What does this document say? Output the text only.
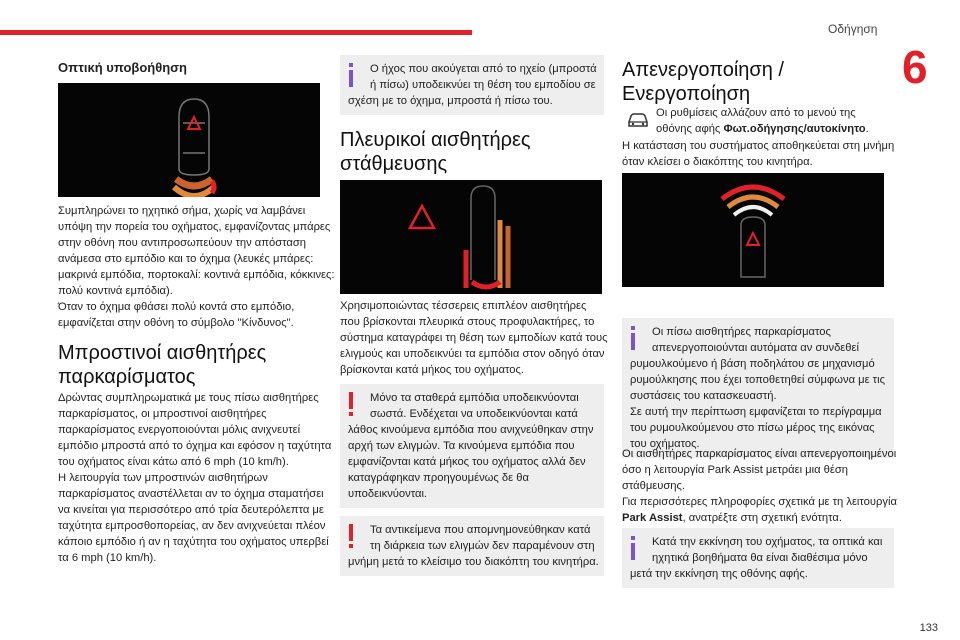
Οδήγηση
6
133
Οπτική υποβοήθηση

Συμπληρώνει το ηχητικό σήμα, χωρίς να λαμβάνει

υπόψη την πορεία του οχήματος, εμφανίζοντας μπάρες

στην οθόνη που αντιπροσωπεύουν την απόσταση

ανάμεσα στο εμπόδιο και το όχημα (λευκές μπάρες:

μακρινά εμπόδια, πορτοκαλί: κοντινά εμπόδια, κόκκινες:

πολύ κοντινά εμπόδια).

Όταν το όχημα φθάσει πολύ κοντά στο εμπόδιο,

εμφανίζεται στην οθόνη το σύμβολο "Κίνδυνος".

Μπροστινοί αισθητήρες
παρκαρίσματος

Δρώντας συμπληρωματικά με τους πίσω αισθητήρες

παρκαρίσματος, οι μπροστινοί αισθητήρες

παρκαρίσματος ενεργοποιούνται μόλις ανιχνευτεί

εμπόδιο μπροστά από το όχημα και εφόσον η ταχύτητα

του οχήματος είναι κάτω από 6 mph (10 km/h).

Η λειτουργία των μπροστινών αισθητήρων

παρκαρίσματος αναστέλλεται αν το όχημα σταματήσει

να κινείται για περισσότερο από τρία δευτερόλεπτα με

ταχύτητα εμπροσθοπορείας, αν δεν ανιχνεύεται πλέον

κάποιο εμπόδιο ή αν η ταχύτητα του οχήματος υπερβεί

τα 6 mph (10 km/h).

Ο ήχος που ακούγεται από το ηχείο (μπροστά

ή πίσω) υποδεικνύει τη θέση του εμποδίου σε

σχέση με το όχημα, μπροστά ή πίσω του.

Πλευρικοί αισθητήρες
στάθμευσης

Χρησιμοποιώντας τέσσερεις επιπλέον αισθητήρες

που βρίσκονται πλευρικά στους προφυλακτήρες, το

σύστημα καταγράφει τη θέση των εμποδίων κατά τους

ελιγμούς και υποδεικνύει τα εμπόδια στον οδηγό όταν

βρίσκονται κατά μήκος του οχήματος.

Μόνο τα σταθερά εμπόδια υποδεικνύονται

σωστά. Ενδέχεται να υποδεικνύονται κατά

λάθος κινούμενα εμπόδια που ανιχνεύθηκαν στην

αρχή των ελιγμών. Τα κινούμενα εμπόδια που

εμφανίζονται κατά μήκος του οχήματος αλλά δεν

καταγράφηκαν προηγουμένως δε θα

υποδεικνύονται.

Τα αντικείμενα που απομνημονεύθηκαν κατά

τη διάρκεια των ελιγμών δεν παραμένουν στη

μνήμη μετά το κλείσιμο του διακόπτη του κινητήρα.

Απενεργοποίηση /
Ενεργοποίηση

Οι ρυθμίσεις αλλάζουν από το μενού της

οθόνης αφής Φωτ.οδήγησης/αυτοκίνητο.

Η κατάσταση του συστήματος αποθηκεύεται στη μνήμη

όταν κλείσει ο διακόπτης του κινητήρα.

Οι πίσω αισθητήρες παρκαρίσματος

απενεργοποιούνται αυτόματα αν συνδεθεί

ρυμουλκούμενο ή βάση ποδηλάτου σε μηχανισμό

ρυμούλκησης που έχει τοποθετηθεί σύμφωνα με τις

συστάσεις του κατασκευαστή.

Σε αυτή την περίπτωση εμφανίζεται το περίγραμμα

του ρυμουλκούμενου στο πίσω μέρος της εικόνας

του οχήματος.

Οι αισθητήρες παρκαρίσματος είναι απενεργοποιημένοι

όσο η λειτουργία Park Assist μετράει μια θέση

στάθμευσης.

Για περισσότερες πληροφορίες σχετικά με τη λειτουργία

Park Assist, ανατρέξτε στη σχετική ενότητα.

Κατά την εκκίνηση του οχήματος, τα οπτικά και

ηχητικά βοηθήματα θα είναι διαθέσιμα μόνο

μετά την εκκίνηση της οθόνης αφής.
